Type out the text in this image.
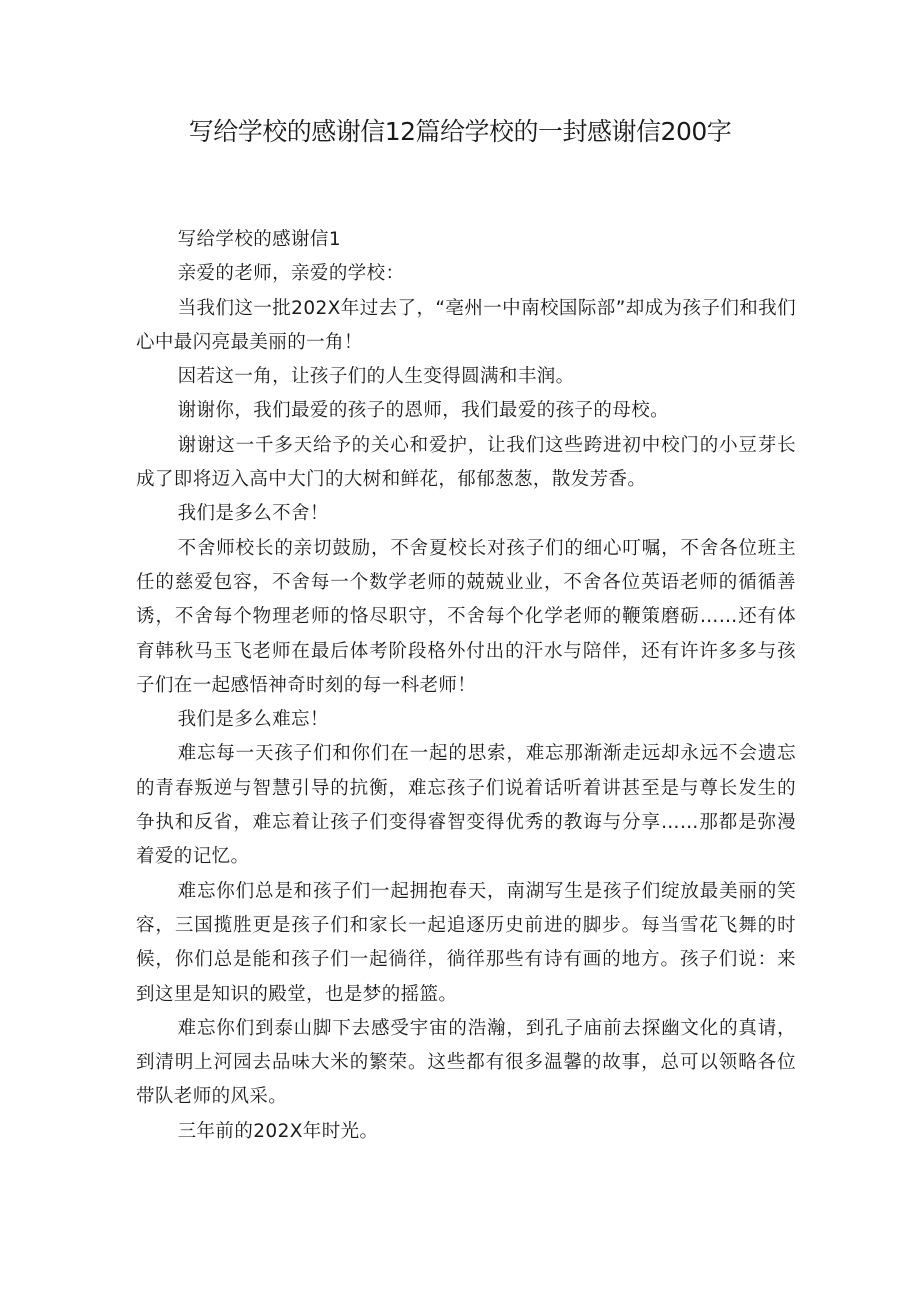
写给学校的感谢信12篇给学校的一封感谢信200字

写给学校的感谢信1

亲爱的老师，亲爱的学校：

当我们这一批202X年过去了，“亳州一中南校国际部”却成为孩子们和我们心中最闪亮最美丽的一角！

因若这一角，让孩子们的人生变得圆满和丰润。

谢谢你，我们最爱的孩子的恩师，我们最爱的孩子的母校。

谢谢这一千多天给予的关心和爱护，让我们这些跨进初中校门的小豆芽长成了即将迈入高中大门的大树和鲜花，郁郁葱葱，散发芳香。

我们是多么不舍！

不舍师校长的亲切鼓励，不舍夏校长对孩子们的细心叮嘱，不舍各位班主任的慈爱包容，不舍每一个数学老师的兢兢业业，不舍各位英语老师的循循善诱，不舍每个物理老师的恪尽职守，不舍每个化学老师的鞭策磨砺……还有体育韩秋马玉飞老师在最后体考阶段格外付出的汗水与陪伴，还有许许多多与孩子们在一起感悟神奇时刻的每一科老师！

我们是多么难忘！

难忘每一天孩子们和你们在一起的思索，难忘那渐渐走远却永远不会遗忘的青春叛逆与智慧引导的抗衡，难忘孩子们说着话听着讲甚至是与尊长发生的争执和反省，难忘着让孩子们变得睿智变得优秀的教诲与分享……那都是弥漫着爱的记忆。

难忘你们总是和孩子们一起拥抱春天，南湖写生是孩子们绽放最美丽的笑容，三国揽胜更是孩子们和家长一起追逐历史前进的脚步。每当雪花飞舞的时候，你们总是能和孩子们一起徜徉，徜徉那些有诗有画的地方。孩子们说：来到这里是知识的殿堂，也是梦的摇篮。

难忘你们到泰山脚下去感受宇宙的浩瀚，到孔子庙前去探幽文化的真请，到清明上河园去品味大米的繁荣。这些都有很多温馨的故事，总可以领略各位带队老师的风采。

三年前的202X年时光。
